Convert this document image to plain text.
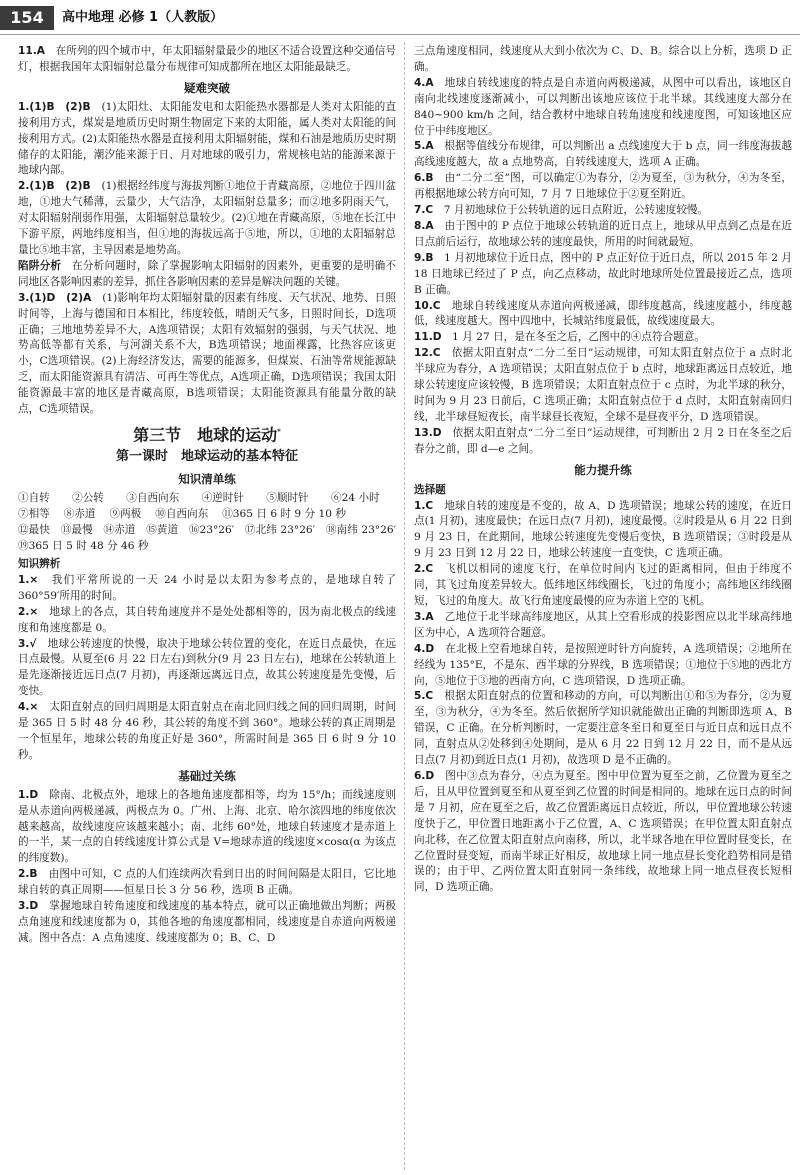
154	高中地理 必修 1（人教版）

11.A　 在所列的四个城市中，年太阳辐射量最少的地区不适合设置这种交通信号灯，根据我国年太阳辐射总量分布规律可知成都所在地区太阳能最缺乏。

疑难突破

1.(1)B　(2)B　 (1)太阳灶、太阳能发电和太阳能热水器都是人类对太阳能的直接利用方式，煤炭是地质历史时期生物固定下来的太阳能，属人类对太阳能的间接利用方式。(2)太阳能热水器是直接利用太阳辐射能，煤和石油是地质历史时期储存的太阳能，潮汐能来源于日、月对地球的吸引力，常规核电站的能源来源于地球内部。

2.(1)B　(2)B　 (1)根据经纬度与海拔判断①地位于青藏高原，②地位于四川盆地，①地大气稀薄，云量少，大气洁净，太阳辐射总量多；而②地多阴雨天气，对太阳辐射削弱作用强，太阳辐射总量较少。(2)①地在青藏高原，⑤地在长江中下游平原，两地纬度相当，但①地的海拔远高于⑤地，所以，①地的太阳辐射总量比⑤地丰富，主导因素是地势高。

陷阱分析　 在分析问题时，除了掌握影响太阳辐射的因素外，更重要的是明确不同地区各影响因素的差异，抓住各影响因素的差异是解决问题的关键。

3.(1)D　(2)A　 (1)影响年均太阳辐射量的因素有纬度、天气状况、地势、日照时间等，上海与德国和日本相比，纬度较低，晴朗天气多，日照时间长，D选项正确；三地地势差异不大，A选项错误；太阳有效辐射的强弱，与天气状况、地势高低等都有关系，与河湖关系不大，B选项错误；地面裸露，比热容应该更小，C选项错误。(2)上海经济发达，需要的能源多，但煤炭、石油等常规能源缺乏，而太阳能资源具有清洁、可再生等优点，A选项正确，D选项错误；我国太阳能资源最丰富的地区是青藏高原，B选项错误；太阳能资源具有能量分散的缺点，C选项错误。

第三节　地球的运动*
第一课时　地球运动的基本特征
知识清单练
①自转	②公转	③自西向东	④逆时针	⑤顺时针	⑥24 小时
⑦相等　 ⑧赤道　 ⑨两极　 ⑩自西向东　 ⑪365 日 6 时 9 分 10 秒

⑫最快　⑬最慢　⑭赤道　⑮黄道　⑯23°26′　⑰北纬 23°26′　⑱南纬 23°26′　⑲365 日 5 时 48 分 46 秒

知识辨析

1.×　 我们平常所说的一天 24 小时是以太阳为参考点的，是地球自转了 360°59′所用的时间。

2.×　 地球上的各点，其自转角速度并不是处处都相等的，因为南北极点的线速度和角速度都是 0。

3.√　 地球公转速度的快慢，取决于地球公转位置的变化，在近日点最快，在远日点最慢。从夏至(6 月 22 日左右)到秋分(9 月 23 日左右)，地球在公转轨道上是先逐渐接近远日点(7 月初)，再逐渐远离远日点，故其公转速度是先变慢，后变快。

4.×　 太阳直射点的回归周期是太阳直射点在南北回归线之间的回归周期，时间是 365 日 5 时 48 分 46 秒，其公转的角度不到 360°。地球公转的真正周期是一个恒星年，地球公转的角度正好是 360°，所需时间是 365 日 6 时 9 分 10 秒。

基础过关练

1.D　 除南、北极点外，地球上的各地角速度都相等，均为 15°/h；而线速度则是从赤道向两极递减，两极点为 0。广州、上海、北京、哈尔滨四地的纬度依次越来越高，故线速度应该越来越小；南、北纬 60°处，地球自转速度才是赤道上的一半，某一点的自转线速度计算公式是 V=地球赤道的线速度×cosα(α 为该点的纬度数)。

2.B　 由图中可知，C 点的人们连续两次看到日出的时间间隔是太阳日，它比地球自转的真正周期——恒星日长 3 分 56 秒，选项 B 正确。

3.D　 掌握地球自转角速度和线速度的基本特点，就可以正确地做出判断；两极点角速度和线速度都为 0，其他各地的角速度都相同，线速度是自赤道向两极递减。图中各点：A 点角速度、线速度都为 0；B、C、D

三点角速度相同，线速度从大到小依次为 C、D、B。综合以上分析，选项 D 正确。

4.A　 地球自转线速度的特点是自赤道向两极递减，从图中可以看出，该地区自南向北线速度逐渐减小，可以判断出该地应该位于北半球。其线速度大部分在 840~900 km/h 之间，结合教材中地球自转角速度和线速度图，可知该地区应位于中纬度地区。

5.A　 根据等值线分布规律，可以判断出 a 点线速度大于 b 点，同一纬度海拔越高线速度越大，故 a 点地势高，自转线速度大，选项 A 正确。

6.B　 由“二分二至”图，可以确定①为春分，②为夏至，③为秋分，④为冬至，再根据地球公转方向可知，7 月 7 日地球位于②夏至附近。

7.C　 7 月初地球位于公转轨道的远日点附近，公转速度较慢。

8.A　 由于图中的 P 点位于地球公转轨道的近日点上，地球从甲点到乙点是在近日点前后运行，故地球公转的速度最快，所用的时间就最短。

9.B　 1 月初地球位于近日点，图中的 P 点正好位于近日点，所以 2015 年 2 月 18 日地球已经过了 P 点，向乙点移动，故此时地球所处位置最接近乙点，选项 B 正确。

10.C　 地球自转线速度从赤道向两极递减，即纬度越高，线速度越小，纬度越低，线速度越大。图中四地中，长城站纬度最低，故线速度最大。

11.D　 1 月 27 日，是在冬至之后，乙图中的④点符合题意。

12.C　 依据太阳直射点“二分二至日”运动规律，可知太阳直射点位于 a 点时北半球应为春分，A 选项错误；太阳直射点位于 b 点时，地球距离远日点较近，地球公转速度应该较慢，B 选项错误；太阳直射点位于 c 点时，为北半球的秋分，时间为 9 月 23 日前后，C 选项正确；太阳直射点位于 d 点时，太阳直射南回归线，北半球昼短夜长，南半球昼长夜短，全球不是昼夜平分，D 选项错误。

13.D　 依据太阳直射点“二分二至日”运动规律，可判断出 2 月 2 日在冬至之后春分之前，即 d—e 之间。

能力提升练
选择题

1.C　 地球自转的速度是不变的，故 A、D 选项错误；地球公转的速度，在近日点(1 月初)，速度最快；在远日点(7 月初)，速度最慢。②时段是从 6 月 22 日到 9 月 23 日，在此期间，地球公转速度先变慢后变快，B 选项错误；③时段是从 9 月 23 日到 12 月 22 日，地球公转速度一直变快，C 选项正确。

2.C　 飞机以相同的速度飞行，在单位时间内飞过的距离相同，但由于纬度不同，其飞过角度差异较大。低纬地区纬线圈长，飞过的角度小；高纬地区纬线圈短，飞过的角度大。故飞行角速度最慢的应为赤道上空的飞机。

3.A　 乙地位于北半球高纬度地区，从其上空看形成的投影图应以北半球高纬地区为中心，A 选项符合题意。

4.D　 在北极上空看地球自转，是按照逆时针方向旋转，A 选项错误；②地所在经线为 135°E，不是东、西半球的分界线，B 选项错误；①地位于⑤地的西北方向，⑤地位于③地的西南方向，C 选项错误，D 选项正确。

5.C　 根据太阳直射点的位置和移动的方向，可以判断出①和⑤为春分，②为夏至，③为秋分，④为冬至。然后依据所学知识就能做出正确的判断即选项 A、B 错误，C 正确。在分析判断时，一定要注意冬至日和夏至日与近日点和远日点不同，直射点从②处移到④处期间，是从 6 月 22 日到 12 月 22 日，而不是从远日点(7 月初)到近日点(1 月初)，故选项 D 是不正确的。

6.D　 图中③点为春分，④点为夏至。图中甲位置为夏至之前，乙位置为夏至之后，且从甲位置到夏至和从夏至到乙位置的时间是相同的。地球在远日点的时间是 7 月初，应在夏至之后，故乙位置距离远日点较近，所以，甲位置地球公转速度快于乙，甲位置日地距离小于乙位置，A、C 选项错误；在甲位置太阳直射点向北移，在乙位置太阳直射点向南移，所以，北半球各地在甲位置时昼变长，在乙位置时昼变短，而南半球正好相反，故地球上同一地点昼长变化趋势相同是错误的；由于甲、乙两位置太阳直射同一条纬线，故地球上同一地点昼夜长短相同，D 选项正确。
